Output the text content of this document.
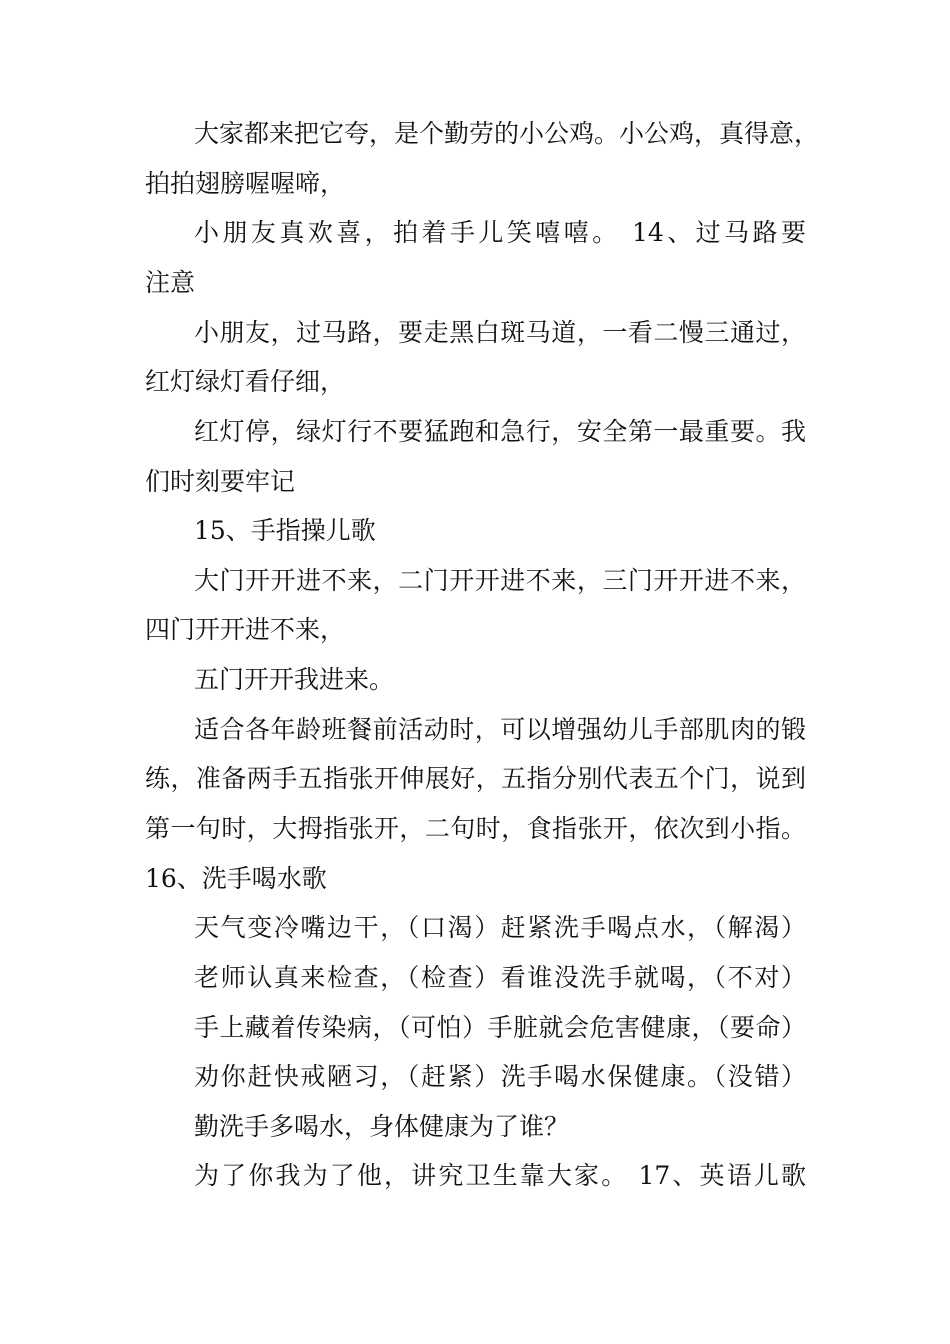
大家都来把它夸，是个勤劳的小公鸡。小公鸡，真得意，
拍拍翅膀喔喔啼，
小朋友真欢喜，拍着手儿笑嘻嘻。 14、过马路要
注意
小朋友，过马路，要走黑白斑马道，一看二慢三通过，
红灯绿灯看仔细，
红灯停，绿灯行不要猛跑和急行，安全第一最重要。我
们时刻要牢记
15、手指操儿歌
大门开开进不来，二门开开进不来，三门开开进不来，
四门开开进不来，
五门开开我进来。
适合各年龄班餐前活动时，可以增强幼儿手部肌肉的锻
练，准备两手五指张开伸展好，五指分别代表五个门，说到
第一句时，大拇指张开，二句时，食指张开，依次到小指。
16、洗手喝水歌
天气变冷嘴边干，（口渴）赶紧洗手喝点水，（解渴）
老师认真来检查，（检查）看谁没洗手就喝，（不对）
手上藏着传染病，（可怕）手脏就会危害健康，（要命）
劝你赶快戒陋习，（赶紧）洗手喝水保健康。（没错）
勤洗手多喝水，身体健康为了谁？
为了你我为了他，讲究卫生靠大家。 17、英语儿歌
